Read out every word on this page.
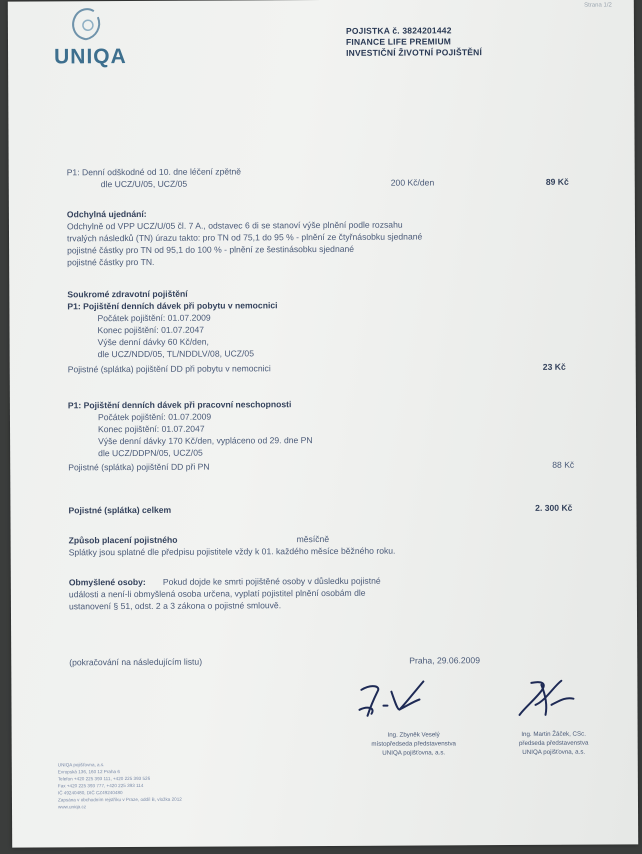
UNIQA
Strana 1/2
POJISTKA č. 3824201442
FINANCE LIFE PREMIUM
INVESTIČNÍ ŽIVOTNÍ POJIŠTĚNÍ
P1: Denní odškodné od 10. dne léčení zpětně
dle UCZ/U/05, UCZ/05	200 Kč/den	89 Kč
Odchylná ujednání:
Odchylně od VPP UCZ/U/05 čl. 7 A., odstavec 6 di se stanoví výše plnění podle rozsahu
trvalých následků (TN) úrazu takto: pro TN od 75,1 do 95 % - plnění ze čtyřnásobku sjednané
pojistné částky pro TN od 95,1 do 100 % - plnění ze šestinásobku sjednané
pojistné částky pro TN.
Soukromé zdravotní pojištění
P1: Pojištění denních dávek při pobytu v nemocnici
Počátek pojištění: 01.07.2009
Konec pojištění: 01.07.2047
Výše denní dávky 60 Kč/den,
dle UCZ/NDD/05, TL/NDDLV/08, UCZ/05
Pojistné (splátka) pojištění DD při pobytu v nemocnici	23 Kč
P1: Pojištění denních dávek při pracovní neschopnosti
Počátek pojištění: 01.07.2009
Konec pojištění: 01.07.2047
Výše denní dávky 170 Kč/den, vypláceno od 29. dne PN
dle UCZ/DDPN/05, UCZ/05
Pojistné (splátka) pojištění DD při PN	88 Kč
Pojistné (splátka) celkem	2. 300 Kč
Způsob placení pojistného	měsíčně
Splátky jsou splatné dle předpisu pojistitele vždy k 01. každého měsíce běžného roku.
Obmyšlené osoby: Pokud dojde ke smrti pojištěné osoby v důsledku pojistné
události a není-li obmyšlená osoba určena, vyplatí pojistitel plnění osobám dle
ustanovení § 51, odst. 2 a 3 zákona o pojistné smlouvě.
(pokračování na následujícím listu)	Praha, 29.06.2009
Ing. Zbyněk Veselý
místopředseda představenstva
UNIQA pojišťovna, a.s.
Ing. Martin Žáček, CSc.
předseda představenstva
UNIQA pojišťovna, a.s.
UNIQA pojišťovna, a.s.
Evropská 136, 160 12 Praha 6
Telefon +420 225 393 111, +420 225 393 526
Fax +420 225 393 777, +420 225 393 114
IČ 49240480, DIČ CZ49240480
Zapsána v obchodním rejstříku v Praze, oddíl B, vložka 2012
www.uniqa.cz
